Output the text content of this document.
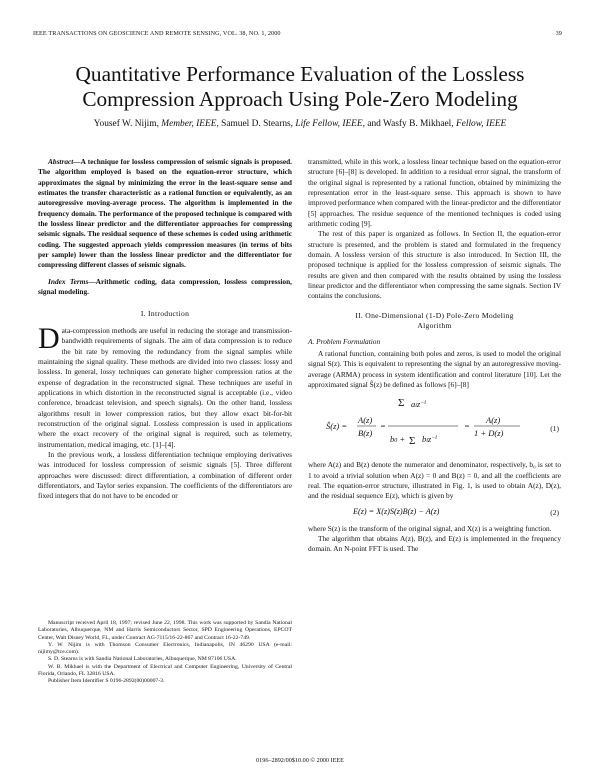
IEEE TRANSACTIONS ON GEOSCIENCE AND REMOTE SENSING, VOL. 38, NO. 1, 2000	39
Quantitative Performance Evaluation of the Lossless
Compression Approach Using Pole-Zero Modeling
Yousef W. Nijim, Member, IEEE, Samuel D. Stearns, Life Fellow, IEEE, and Wasfy B. Mikhael, Fellow, IEEE

Abstract—A technique for lossless compression of seismic signals is proposed. The algorithm employed is based on the equation-error structure, which approximates the signal by minimizing the error in the least-square sense and estimates the transfer characteristic as a rational function or equivalently, as an autoregressive moving-average process. The algorithm is implemented in the frequency domain. The performance of the proposed technique is compared with the lossless linear predictor and the differentiator approaches for compressing seismic signals. The residual sequence of these schemes is coded using arithmetic coding. The suggested approach yields compression measures (in terms of bits per sample) lower than the lossless linear predictor and the differentiator for compressing different classes of seismic signals.

Index Terms—Arithmetic coding, data compression, lossless compression, signal modeling.

I. Introduction

Data-compression methods are useful in reducing the storage and transmission-bandwidth requirements of signals. The aim of data compression is to reduce the bit rate by removing the redundancy from the signal samples while maintaining the signal quality. These methods are divided into two classes: lossy and lossless. In general, lossy techniques can generate higher compression ratios at the expense of degradation in the reconstructed signal. These techniques are useful in applications in which distortion in the reconstructed signal is acceptable (i.e., video conference, broadcast television, and speech signals). On the other hand, lossless algorithms result in lower compression ratios, but they allow exact bit-for-bit reconstruction of the original signal. Lossless compression is used in applications where the exact recovery of the original signal is required, such as telemetry, instrumentation, medical imaging, etc. [1]–[4].

In the previous work, a lossless differentiation technique employing derivatives was introduced for lossless compression of seismic signals [5]. Three different approaches were discussed: direct differentiation, a combination of different order differentiators, and Taylor series expansion. The coefficients of the differentiators are fixed integers that do not have to be encoded or

Manuscript received April 18, 1997; revised June 22, 1998. This work was supported by Sandia National Laboratories, Albuquerque, NM and Harris Semiconductors Sector, SPD Engineering Operations, EPCOT Center, Walt Disney World, FL, under Contract AG-7115/16-22-867 and Contract 16-22-749.
Y. W. Nijim is with Thomson Consumer Electronics, Indianapolis, IN 46290 USA (e-mail: nijimy@tce.com).
S. D. Stearns is with Sandia National Laboratories, Albuquerque, NM 87106 USA.
W. B. Mikhael is with the Department of Electrical and Computer Engineering, University of Central Florida, Orlando, FL 32816 USA.
Publisher Item Identifier S 0196-2892(00)00007-3.

transmitted, while in this work, a lossless linear technique based on the equation-error structure [6]–[8] is developed. In addition to a residual error signal, the transform of the original signal is represented by a rational function, obtained by minimizing the representation error in the least-square sense. This approach is shown to have improved performance when compared with the linear-predictor and the differentiator [5] approaches. The residue sequence of the mentioned techniques is coded using arithmetic coding [9].

The rest of this paper is organized as follows. In Section II, the equation-error structure is presented, and the problem is stated and formulated in the frequency domain. A lossless version of this structure is also introduced. In Section III, the proposed technique is applied for the lossless compression of seismic signals. The results are given and then compared with the results obtained by using the lossless linear predictor and the differentiator when compressing the same signals. Section IV contains the conclusions.

II. One-Dimensional (1-D) Pole-Zero Modeling
Algorithm

A. Problem Formulation

A rational function, containing both poles and zeros, is used to model the original signal S(z). This is equivalent to representing the signal by an autoregressive moving-average (ARMA) process in system identification and control literature [10]. Let the approximated signal Ŝ(z) be defined as follows [6]–[8]

Ŝ(z) =
A(z)
B(z)
=
Σ aiz$^{-i}$
b0 + Σ biz$^{-i}$
=
A(z)
1 + D(z)	(1)

where A(z) and B(z) denote the numerator and denominator, respectively, b₀ is set to 1 to avoid a trivial solution when A(z) = 0 and B(z) = 0, and all the coefficients are real. The equation-error structure, illustrated in Fig. 1, is used to obtain A(z), D(z), and the residual sequence E(z), which is given by

E(z) = X(z)S(z)B(z) − A(z)	(2)

where S(z) is the transform of the original signal, and X(z) is a weighting function.

The algorithm that obtains A(z), B(z), and E(z) is implemented in the frequency domain. An N-point FFT is used. The

0196–2892/00$10.00 © 2000 IEEE
